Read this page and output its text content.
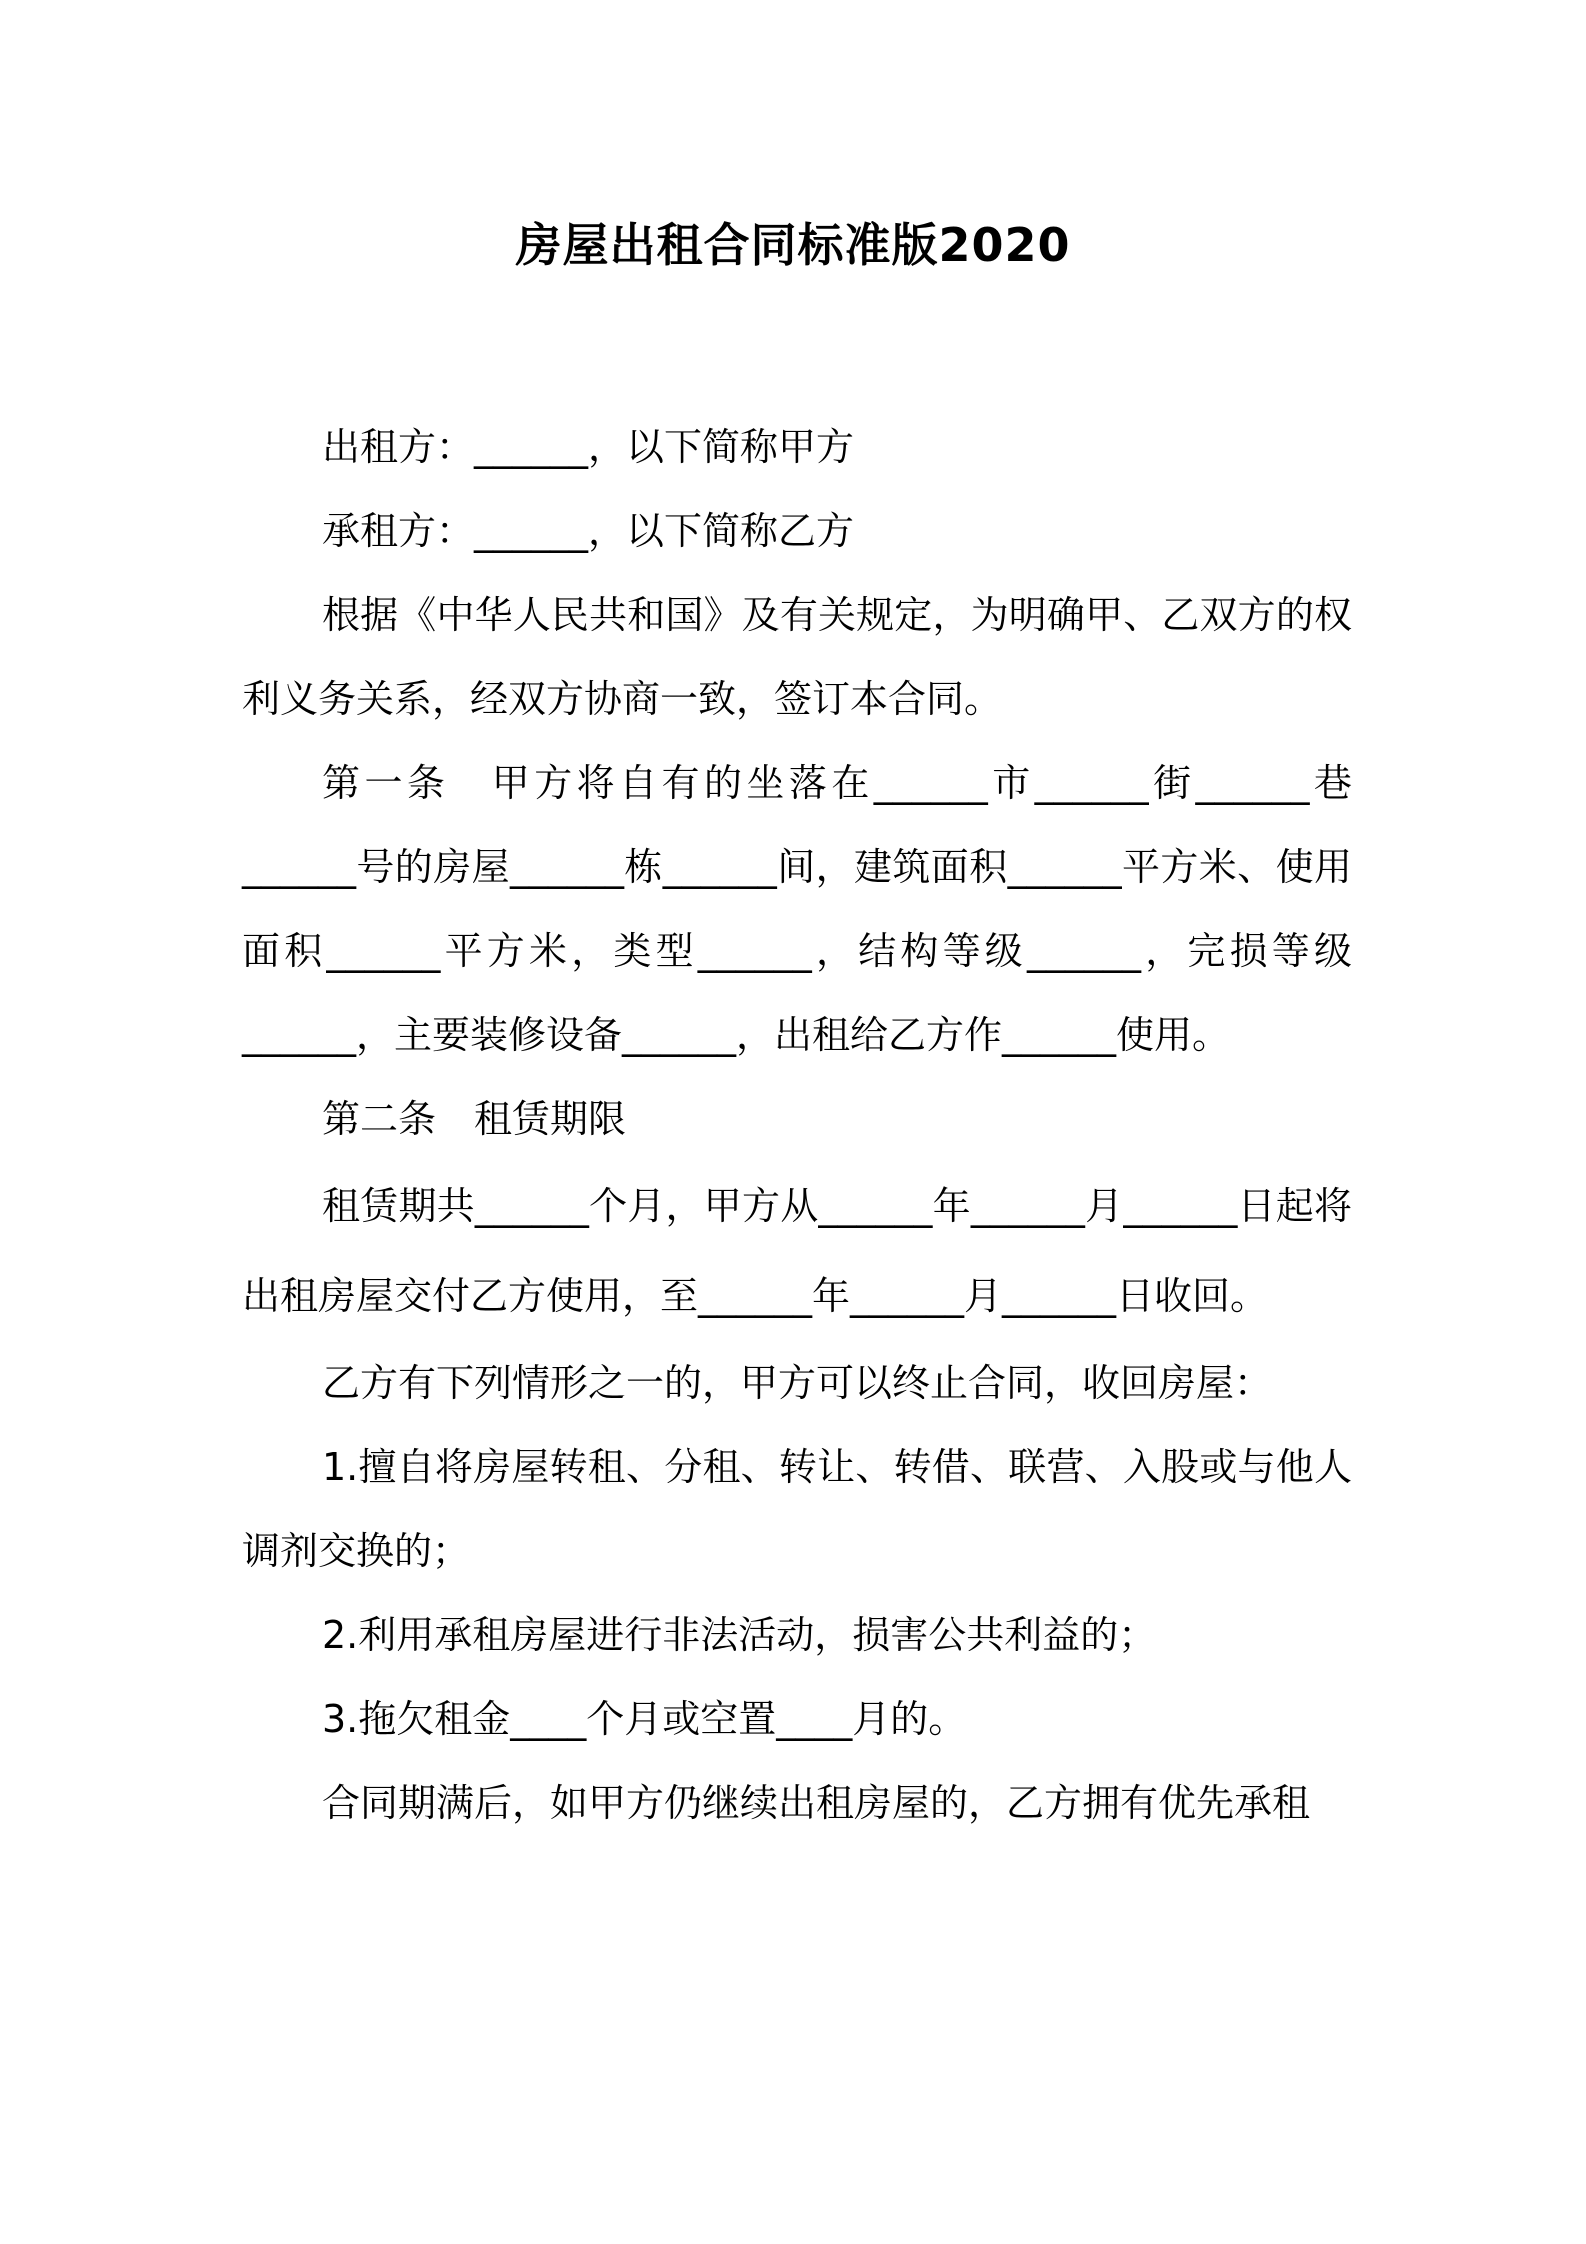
房屋出租合同标准版2020

出租方：______，以下简称甲方

承租方：______，以下简称乙方

根据《中华人民共和国》及有关规定，为明确甲、乙双方的权利义务关系，经双方协商一致，签订本合同。

第一条　甲方将自有的坐落在______市______街______巷______号的房屋______栋______间，建筑面积______平方米、使用面积______平方米，类型______，结构等级______，完损等级______，主要装修设备______，出租给乙方作______使用。

第二条　租赁期限

租赁期共______个月，甲方从______年______月______日起将出租房屋交付乙方使用，至______年______月______日收回。

乙方有下列情形之一的，甲方可以终止合同，收回房屋：

1.擅自将房屋转租、分租、转让、转借、联营、入股或与他人调剂交换的；

2.利用承租房屋进行非法活动，损害公共利益的；

3.拖欠租金____个月或空置____月的。

合同期满后，如甲方仍继续出租房屋的，乙方拥有优先承租
